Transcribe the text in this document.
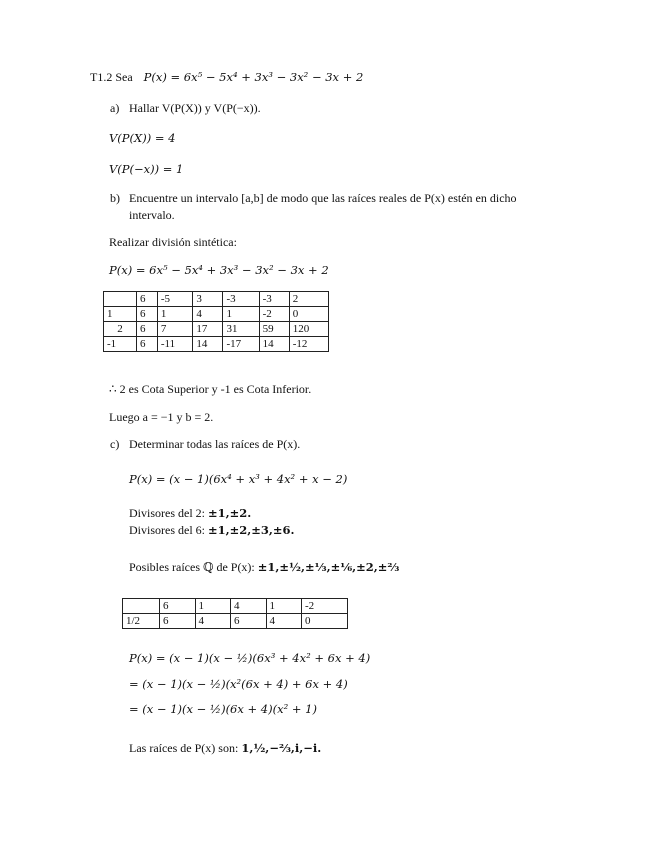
T1.2 Sea P(x) = 6x⁵ − 5x⁴ + 3x³ − 3x² − 3x + 2
a) Hallar V(P(X)) y V(P(−x)).
V(P(X)) = 4
V(P(−x)) = 1
b) Encuentre un intervalo [a,b] de modo que las raíces reales de P(x) estén en dicho
intervalo.
Realizar división sintética:
P(x) = 6x⁵ − 5x⁴ + 3x³ − 3x² − 3x + 2
	6	-5	3	-3	-3	2
1	6	1	4	1	-2	0
2	6	7	17	31	59	120
-1	6	-11	14	-17	14	-12
∴ 2 es Cota Superior y -1 es Cota Inferior.
Luego a = −1 y b = 2.
c) Determinar todas las raíces de P(x).
P(x) = (x − 1)(6x⁴ + x³ + 4x² + x − 2)
Divisores del 2: ±1,±2.
Divisores del 6: ±1,±2,±3,±6.
Posibles raíces ℚ de P(x): ±1,±½,±⅓,±⅙,±2,±⅔
	6	1	4	1	-2
1/2	6	4	6	4	0
P(x) = (x − 1)(x − ½)(6x³ + 4x² + 6x + 4)
= (x − 1)(x − ½)(x²(6x + 4) + 6x + 4)
= (x − 1)(x − ½)(6x + 4)(x² + 1)
Las raíces de P(x) son: 1,½,−⅔,i,−i.
